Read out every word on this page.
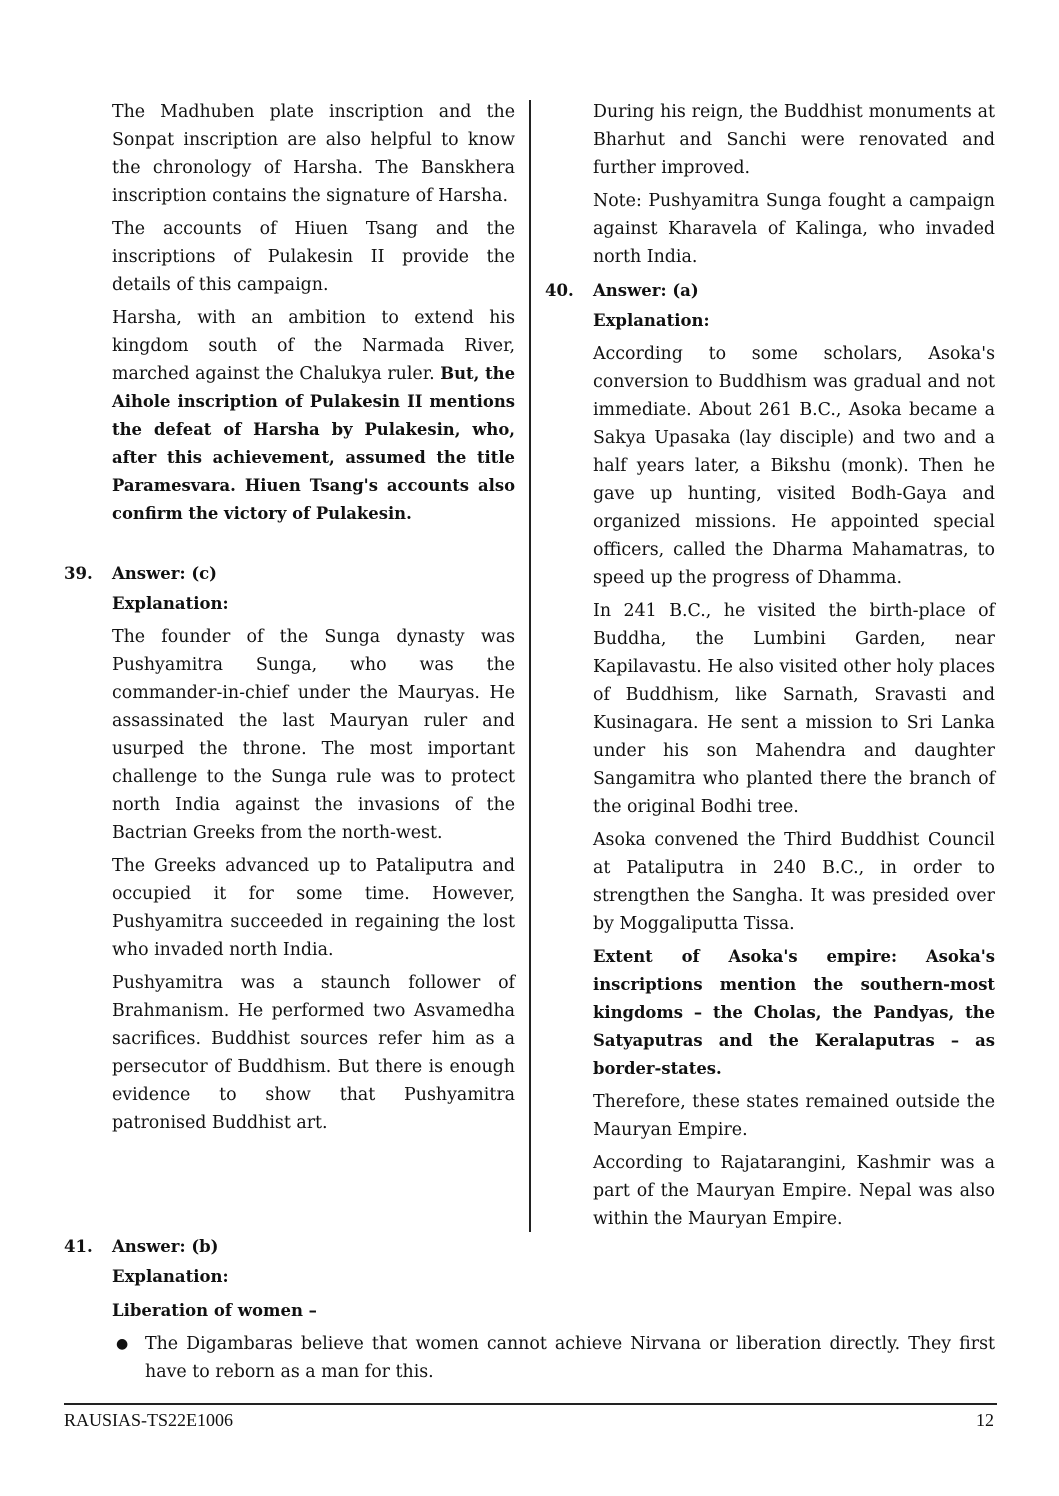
The Madhuben plate inscription and the Sonpat inscription are also helpful to know the chronology of Harsha. The Banskhera inscription contains the signature of Harsha.

The accounts of Hiuen Tsang and the inscriptions of Pulakesin II provide the details of this campaign.

Harsha, with an ambition to extend his kingdom south of the Narmada River, marched against the Chalukya ruler. But, the Aihole inscription of Pulakesin II mentions the defeat of Harsha by Pulakesin, who, after this achievement, assumed the title Paramesvara. Hiuen Tsang's accounts also confirm the victory of Pulakesin.

39. Answer: (c)
Explanation:

The founder of the Sunga dynasty was Pushyamitra Sunga, who was the commander-in-chief under the Mauryas. He assassinated the last Mauryan ruler and usurped the throne. The most important challenge to the Sunga rule was to protect north India against the invasions of the Bactrian Greeks from the north-west.

The Greeks advanced up to Pataliputra and occupied it for some time. However, Pushyamitra succeeded in regaining the lost who invaded north India.

Pushyamitra was a staunch follower of Brahmanism. He performed two Asvamedha sacrifices. Buddhist sources refer him as a persecutor of Buddhism. But there is enough evidence to show that Pushyamitra patronised Buddhist art.

During his reign, the Buddhist monuments at Bharhut and Sanchi were renovated and further improved.

Note: Pushyamitra Sunga fought a campaign against Kharavela of Kalinga, who invaded north India.

40. Answer: (a)
Explanation:

According to some scholars, Asoka's conversion to Buddhism was gradual and not immediate. About 261 B.C., Asoka became a Sakya Upasaka (lay disciple) and two and a half years later, a Bikshu (monk). Then he gave up hunting, visited Bodh-Gaya and organized missions. He appointed special officers, called the Dharma Mahamatras, to speed up the progress of Dhamma.

In 241 B.C., he visited the birth-place of Buddha, the Lumbini Garden, near Kapilavastu. He also visited other holy places of Buddhism, like Sarnath, Sravasti and Kusinagara. He sent a mission to Sri Lanka under his son Mahendra and daughter Sangamitra who planted there the branch of the original Bodhi tree.

Asoka convened the Third Buddhist Council at Pataliputra in 240 B.C., in order to strengthen the Sangha. It was presided over by Moggaliputta Tissa.

Extent of Asoka's empire: Asoka's inscriptions mention the southern-most kingdoms – the Cholas, the Pandyas, the Satyaputras and the Keralaputras – as border-states.

Therefore, these states remained outside the Mauryan Empire.

According to Rajatarangini, Kashmir was a part of the Mauryan Empire. Nepal was also within the Mauryan Empire.

41. Answer: (b)
Explanation:
Liberation of women –
● The Digambaras believe that women cannot achieve Nirvana or liberation directly. They first have to reborn as a man for this.
RAUSIAS-TS22E1006	12
